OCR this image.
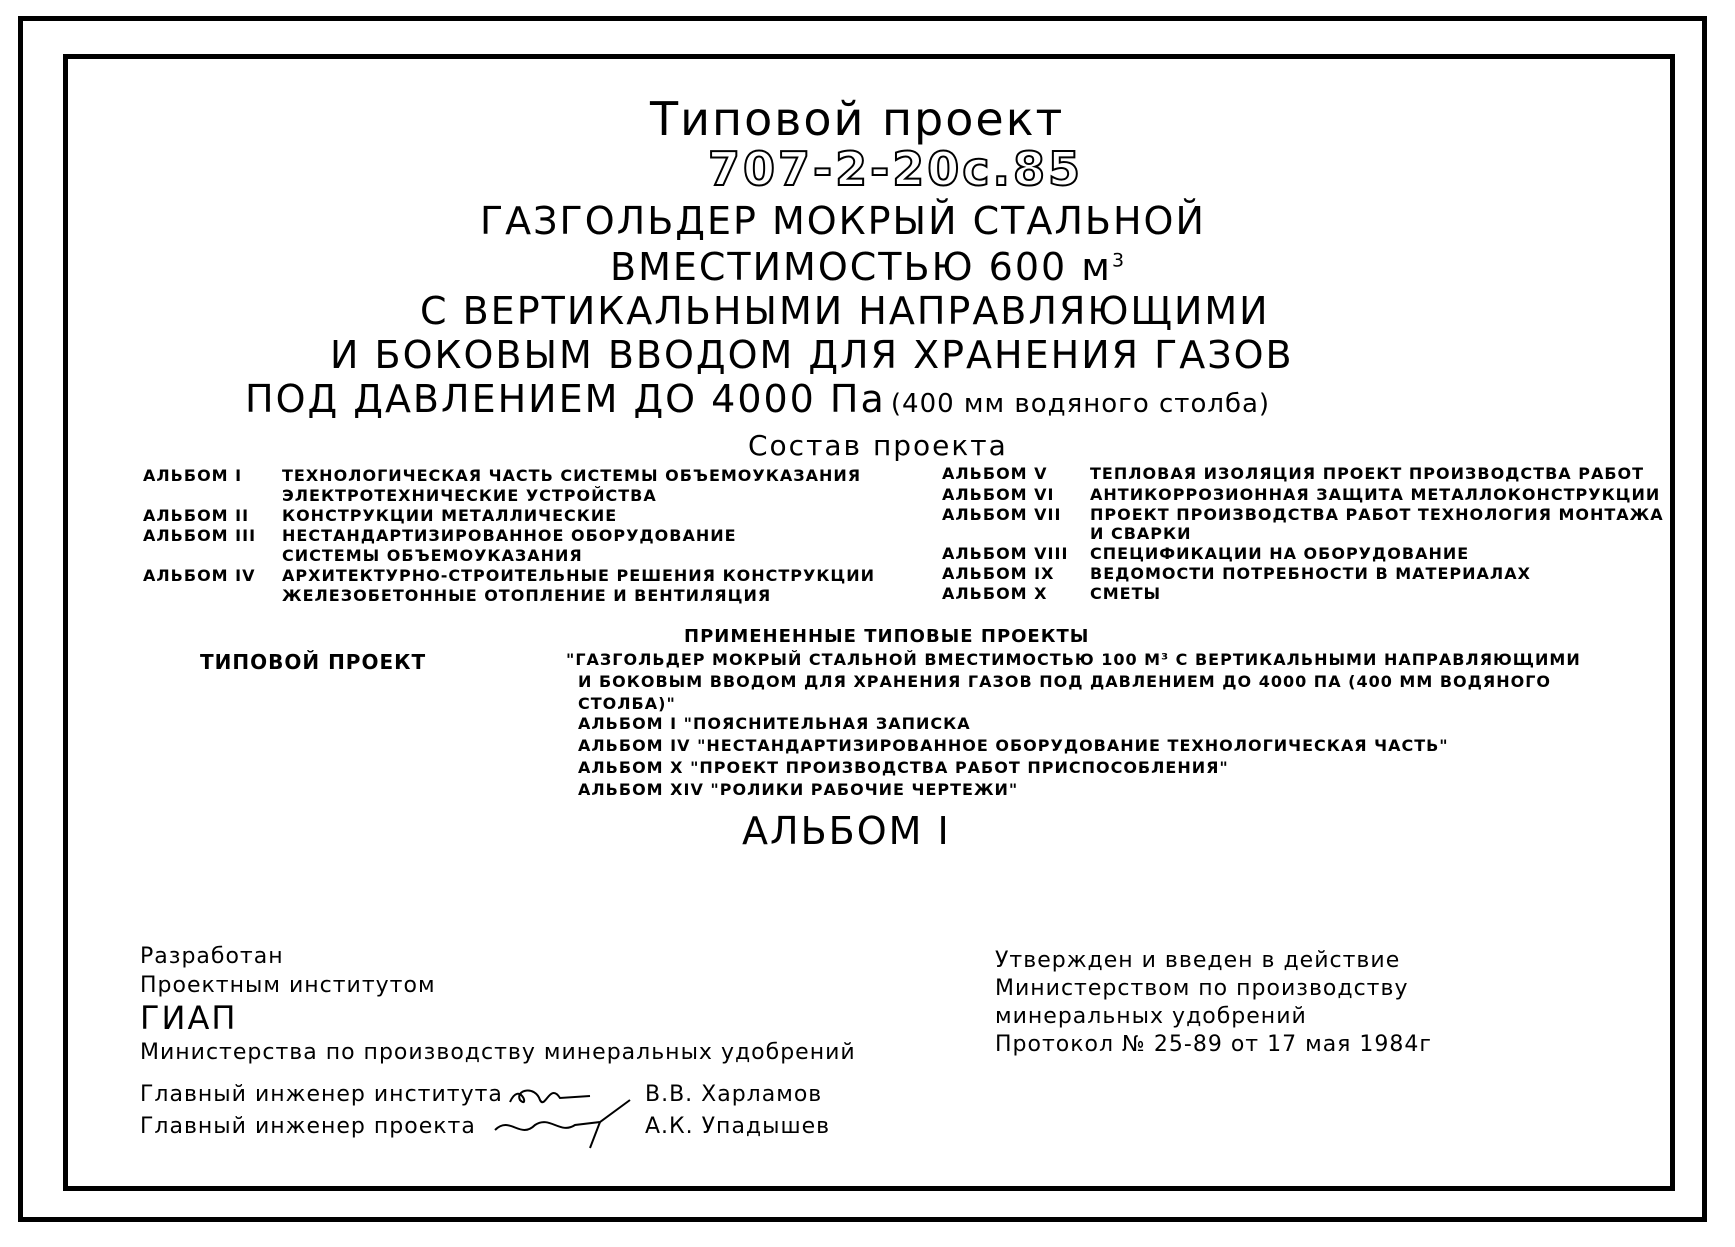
Типовой проект
707-2-20с.85
ГАЗГОЛЬДЕР МОКРЫЙ СТАЛЬНОЙ
ВМЕСТИМОСТЬЮ 600 $м^3$
С ВЕРТИКАЛЬНЫМИ НАПРАВЛЯЮЩИМИ
И БОКОВЫМ ВВОДОМ ДЛЯ ХРАНЕНИЯ ГАЗОВ
ПОД ДАВЛЕНИЕМ ДО 4000 Па (400 мм водяного столба)
Состав проекта
АЛЬБОМ I ТЕХНОЛОГИЧЕСКАЯ ЧАСТЬ СИСТЕМЫ ОБЪЕМОУКАЗАНИЯ
ЭЛЕКТРОТЕХНИЧЕСКИЕ УСТРОЙСТВА
АЛЬБОМ II КОНСТРУКЦИИ МЕТАЛЛИЧЕСКИЕ
АЛЬБОМ III НЕСТАНДАРТИЗИРОВАННОЕ ОБОРУДОВАНИЕ
СИСТЕМЫ ОБЪЕМОУКАЗАНИЯ
АЛЬБОМ IV АРХИТЕКТУРНО-СТРОИТЕЛЬНЫЕ РЕШЕНИЯ КОНСТРУКЦИИ
ЖЕЛЕЗОБЕТОННЫЕ ОТОПЛЕНИЕ И ВЕНТИЛЯЦИЯ
АЛЬБОМ V	ТЕПЛОВАЯ ИЗОЛЯЦИЯ ПРОЕКТ ПРОИЗВОДСТВА РАБОТ
АЛЬБОМ VI АНТИКОРРОЗИОННАЯ ЗАЩИТА МЕТАЛЛОКОНСТРУКЦИИ
АЛЬБОМ VII ПРОЕКТ ПРОИЗВОДСТВА РАБОТ ТЕХНОЛОГИЯ МОНТАЖА
И СВАРКИ
АЛЬБОМ VIII СПЕЦИФИКАЦИИ НА ОБОРУДОВАНИЕ
АЛЬБОМ IX ВЕДОМОСТИ ПОТРЕБНОСТИ В МАТЕРИАЛАХ
АЛЬБОМ X	СМЕТЫ
ПРИМЕНЕННЫЕ ТИПОВЫЕ ПРОЕКТЫ
ТИПОВОЙ ПРОЕКТ	"ГАЗГОЛЬДЕР МОКРЫЙ СТАЛЬНОЙ ВМЕСТИМОСТЬЮ 100 М³ С ВЕРТИКАЛЬНЫМИ НАПРАВЛЯЮЩИМИ
И БОКОВЫМ ВВОДОМ ДЛЯ ХРАНЕНИЯ ГАЗОВ ПОД ДАВЛЕНИЕМ ДО 4000 ПА (400 ММ ВОДЯНОГО
СТОЛБА)"
АЛЬБОМ I "ПОЯСНИТЕЛЬНАЯ ЗАПИСКА
АЛЬБОМ IV "НЕСТАНДАРТИЗИРОВАННОЕ ОБОРУДОВАНИЕ ТЕХНОЛОГИЧЕСКАЯ ЧАСТЬ"
АЛЬБОМ X "ПРОЕКТ ПРОИЗВОДСТВА РАБОТ ПРИСПОСОБЛЕНИЯ"
АЛЬБОМ XIV "РОЛИКИ РАБОЧИЕ ЧЕРТЕЖИ"
АЛЬБОМ I
Разработан
Проектным институтом
ГИАП
Министерства по производству минеральных удобрений
Главный инженер института	В.В. Харламов
Главный инженер проекта	А.К. Упадышев
Утвержден и введен в действие
Министерством по производству
минеральных удобрений
Протокол № 25-89 от 17 мая 1984г
